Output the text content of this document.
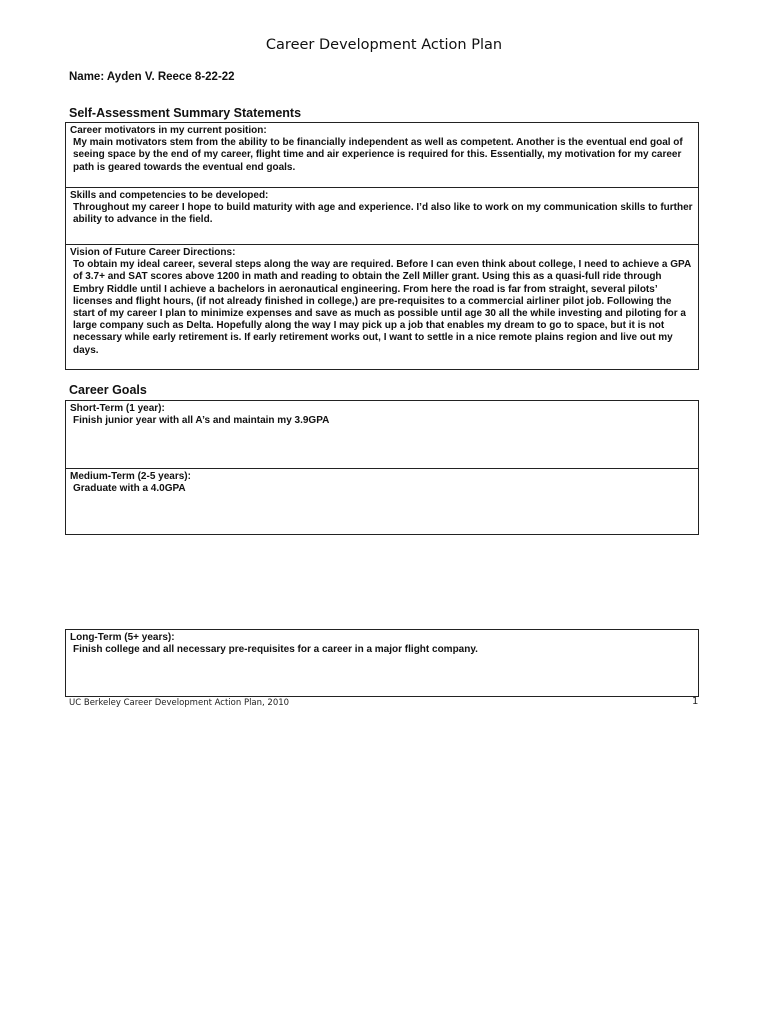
Career Development Action Plan
Name: Ayden V. Reece 8-22-22
Self-Assessment Summary Statements
Career motivators in my current position:
My main motivators stem from the ability to be financially independent as well as competent. Another is the eventual end goal of seeing space by the end of my career, flight time and air experience is required for this. Essentially, my motivation for my career path is geared towards the eventual end goals.
Skills and competencies to be developed:
Throughout my career I hope to build maturity with age and experience. I’d also like to work on my communication skills to further ability to advance in the field.
Vision of Future Career Directions:
To obtain my ideal career, several steps along the way are required. Before I can even think about college, I need to achieve a GPA of 3.7+ and SAT scores above 1200 in math and reading to obtain the Zell Miller grant. Using this as a quasi-full ride through Embry Riddle until I achieve a bachelors in aeronautical engineering. From here the road is far from straight, several pilots’ licenses and flight hours, (if not already finished in college,) are pre-requisites to a commercial airliner pilot job. Following the start of my career I plan to minimize expenses and save as much as possible until age 30 all the while investing and piloting for a large company such as Delta. Hopefully along the way I may pick up a job that enables my dream to go to space, but it is not necessary while early retirement is. If early retirement works out, I want to settle in a nice remote plains region and live out my days.
Career Goals
Short-Term (1 year):
Finish junior year with all A’s and maintain my 3.9GPA
Medium-Term (2-5 years):
Graduate with a 4.0GPA
Long-Term (5+ years):
Finish college and all necessary pre-requisites for a career in a major flight company.
UC Berkeley Career Development Action Plan, 2010	1
